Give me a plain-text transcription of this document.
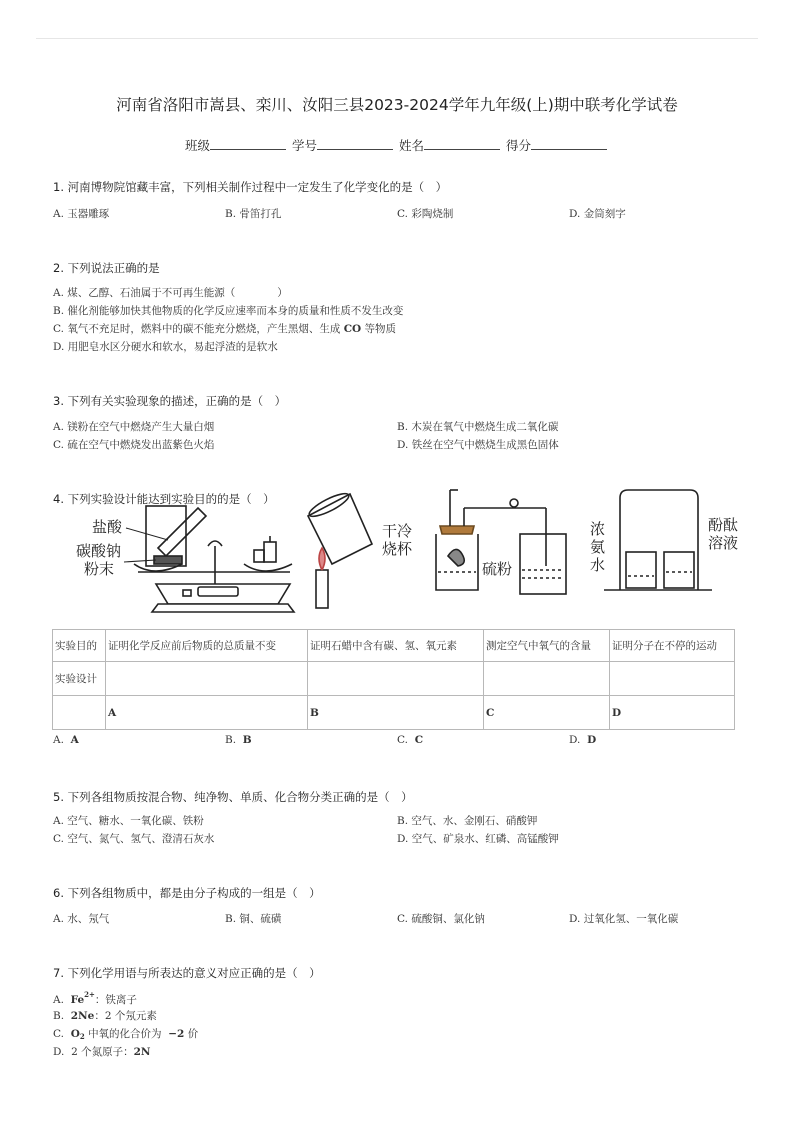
河南省洛阳市嵩县、栾川、汝阳三县2023-2024学年九年级(上)期中联考化学试卷
班级	学号	姓名	得分
1. 河南博物院馆藏丰富，下列相关制作过程中一定发生了化学变化的是（　）
A. 玉器雕琢	B. 骨笛打孔	C. 彩陶烧制	D. 金筒刻字
2. 下列说法正确的是
A. 煤、乙醇、石油属于不可再生能源（　　　　）
B. 催化剂能够加快其他物质的化学反应速率而本身的质量和性质不发生改变
C. 氧气不充足时，燃料中的碳不能充分燃烧，产生黑烟、生成 CO 等物质
D. 用肥皂水区分硬水和软水，易起浮渣的是软水
3. 下列有关实验现象的描述，正确的是（　）
A. 镁粉在空气中燃烧产生大量白烟	B. 木炭在氧气中燃烧生成二氧化碳
C. 硫在空气中燃烧发出蓝紫色火焰	D. 铁丝在空气中燃烧生成黑色固体
4. 下列实验设计能达到实验目的的是（　）
盐酸
碳酸钠
粉末
干冷
烧杯
硫粉
浓
氨
水
酚酞
溶液
实验目的	证明化学反应前后物质的总质量不变	证明石蜡中含有碳、氢、氧元素	测定空气中氧气的含量	证明分子在不停的运动
实验设计				
	A	B	C	D
A. A	B. B	C. C	D. D
5. 下列各组物质按混合物、纯净物、单质、化合物分类正确的是（　）
A. 空气、糖水、一氧化碳、铁粉	B. 空气、水、金刚石、硝酸钾
C. 空气、氮气、氢气、澄清石灰水	D. 空气、矿泉水、红磷、高锰酸钾
6. 下列各组物质中，都是由分子构成的一组是（　）
A. 水、氖气	B. 铜、硫磺	C. 硫酸铜、氯化钠	D. 过氧化氢、一氧化碳
7. 下列化学用语与所表达的意义对应正确的是（　）
A. $Fe^{2+}$：铁离子
B. 2Ne：2 个氖元素
C. $O_2$ 中氧的化合价为 −2 价
D. 2 个氮原子：2N
